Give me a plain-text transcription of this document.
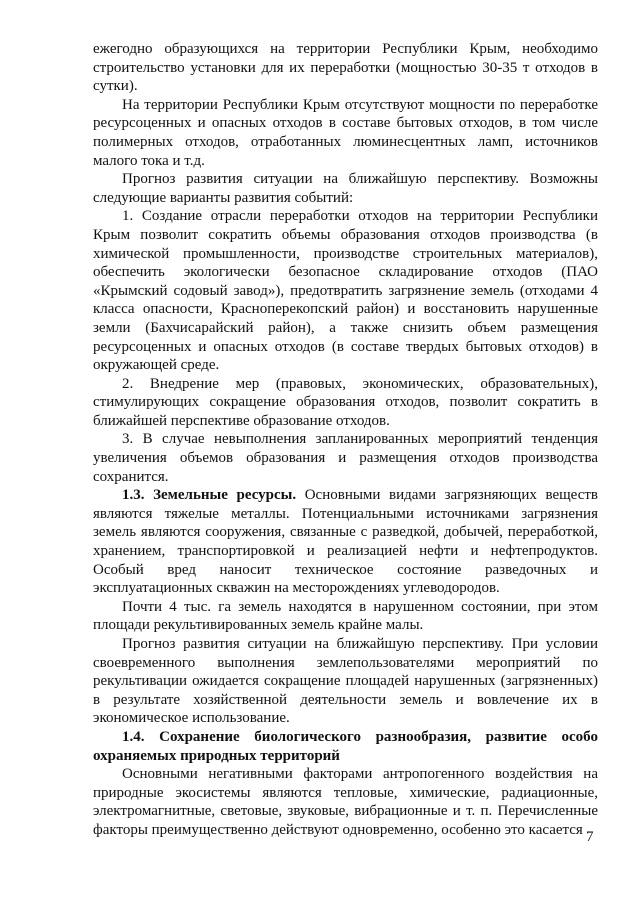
ежегодно образующихся на территории Республики Крым, необходимо строительство установки для их переработки (мощностью 30-35 т отходов в сутки).

На территории Республики Крым отсутствуют мощности по переработке ресурсоценных и опасных отходов в составе бытовых отходов, в том числе полимерных отходов, отработанных люминесцентных ламп, источников малого тока и т.д.

Прогноз развития ситуации на ближайшую перспективу. Возможны следующие варианты развития событий:

1. Создание отрасли переработки отходов на территории Республики Крым позволит сократить объемы образования отходов производства (в химической промышленности, производстве строительных материалов), обеспечить экологически безопасное складирование отходов (ПАО «Крымский содовый завод»), предотвратить загрязнение земель (отходами 4 класса опасности, Красноперекопский район) и восстановить нарушенные земли (Бахчисарайский район), а также снизить объем размещения ресурсоценных и опасных отходов (в составе твердых бытовых отходов) в окружающей среде.

2. Внедрение мер (правовых, экономических, образовательных), стимулирующих сокращение образования отходов, позволит сократить в ближайшей перспективе образование отходов.

3. В случае невыполнения запланированных мероприятий тенденция увеличения объемов образования и размещения отходов производства сохранится.

1.3. Земельные ресурсы. Основными видами загрязняющих веществ являются тяжелые металлы. Потенциальными источниками загрязнения земель являются сооружения, связанные с разведкой, добычей, переработкой, хранением, транспортировкой и реализацией нефти и нефтепродуктов. Особый вред наносит техническое состояние разведочных и эксплуатационных скважин на месторождениях углеводородов.

Почти 4 тыс. га земель находятся в нарушенном состоянии, при этом площади рекультивированных земель крайне малы.

Прогноз развития ситуации на ближайшую перспективу. При условии своевременного выполнения землепользователями мероприятий по рекультивации ожидается сокращение площадей нарушенных (загрязненных) в результате хозяйственной деятельности земель и вовлечение их в экономическое использование.

1.4. Сохранение биологического разнообразия, развитие особо охраняемых природных территорий

Основными негативными факторами антропогенного воздействия на природные экосистемы являются тепловые, химические, радиационные, электромагнитные, световые, звуковые, вибрационные и т. п. Перечисленные факторы преимущественно действуют одновременно, особенно это касается 7
